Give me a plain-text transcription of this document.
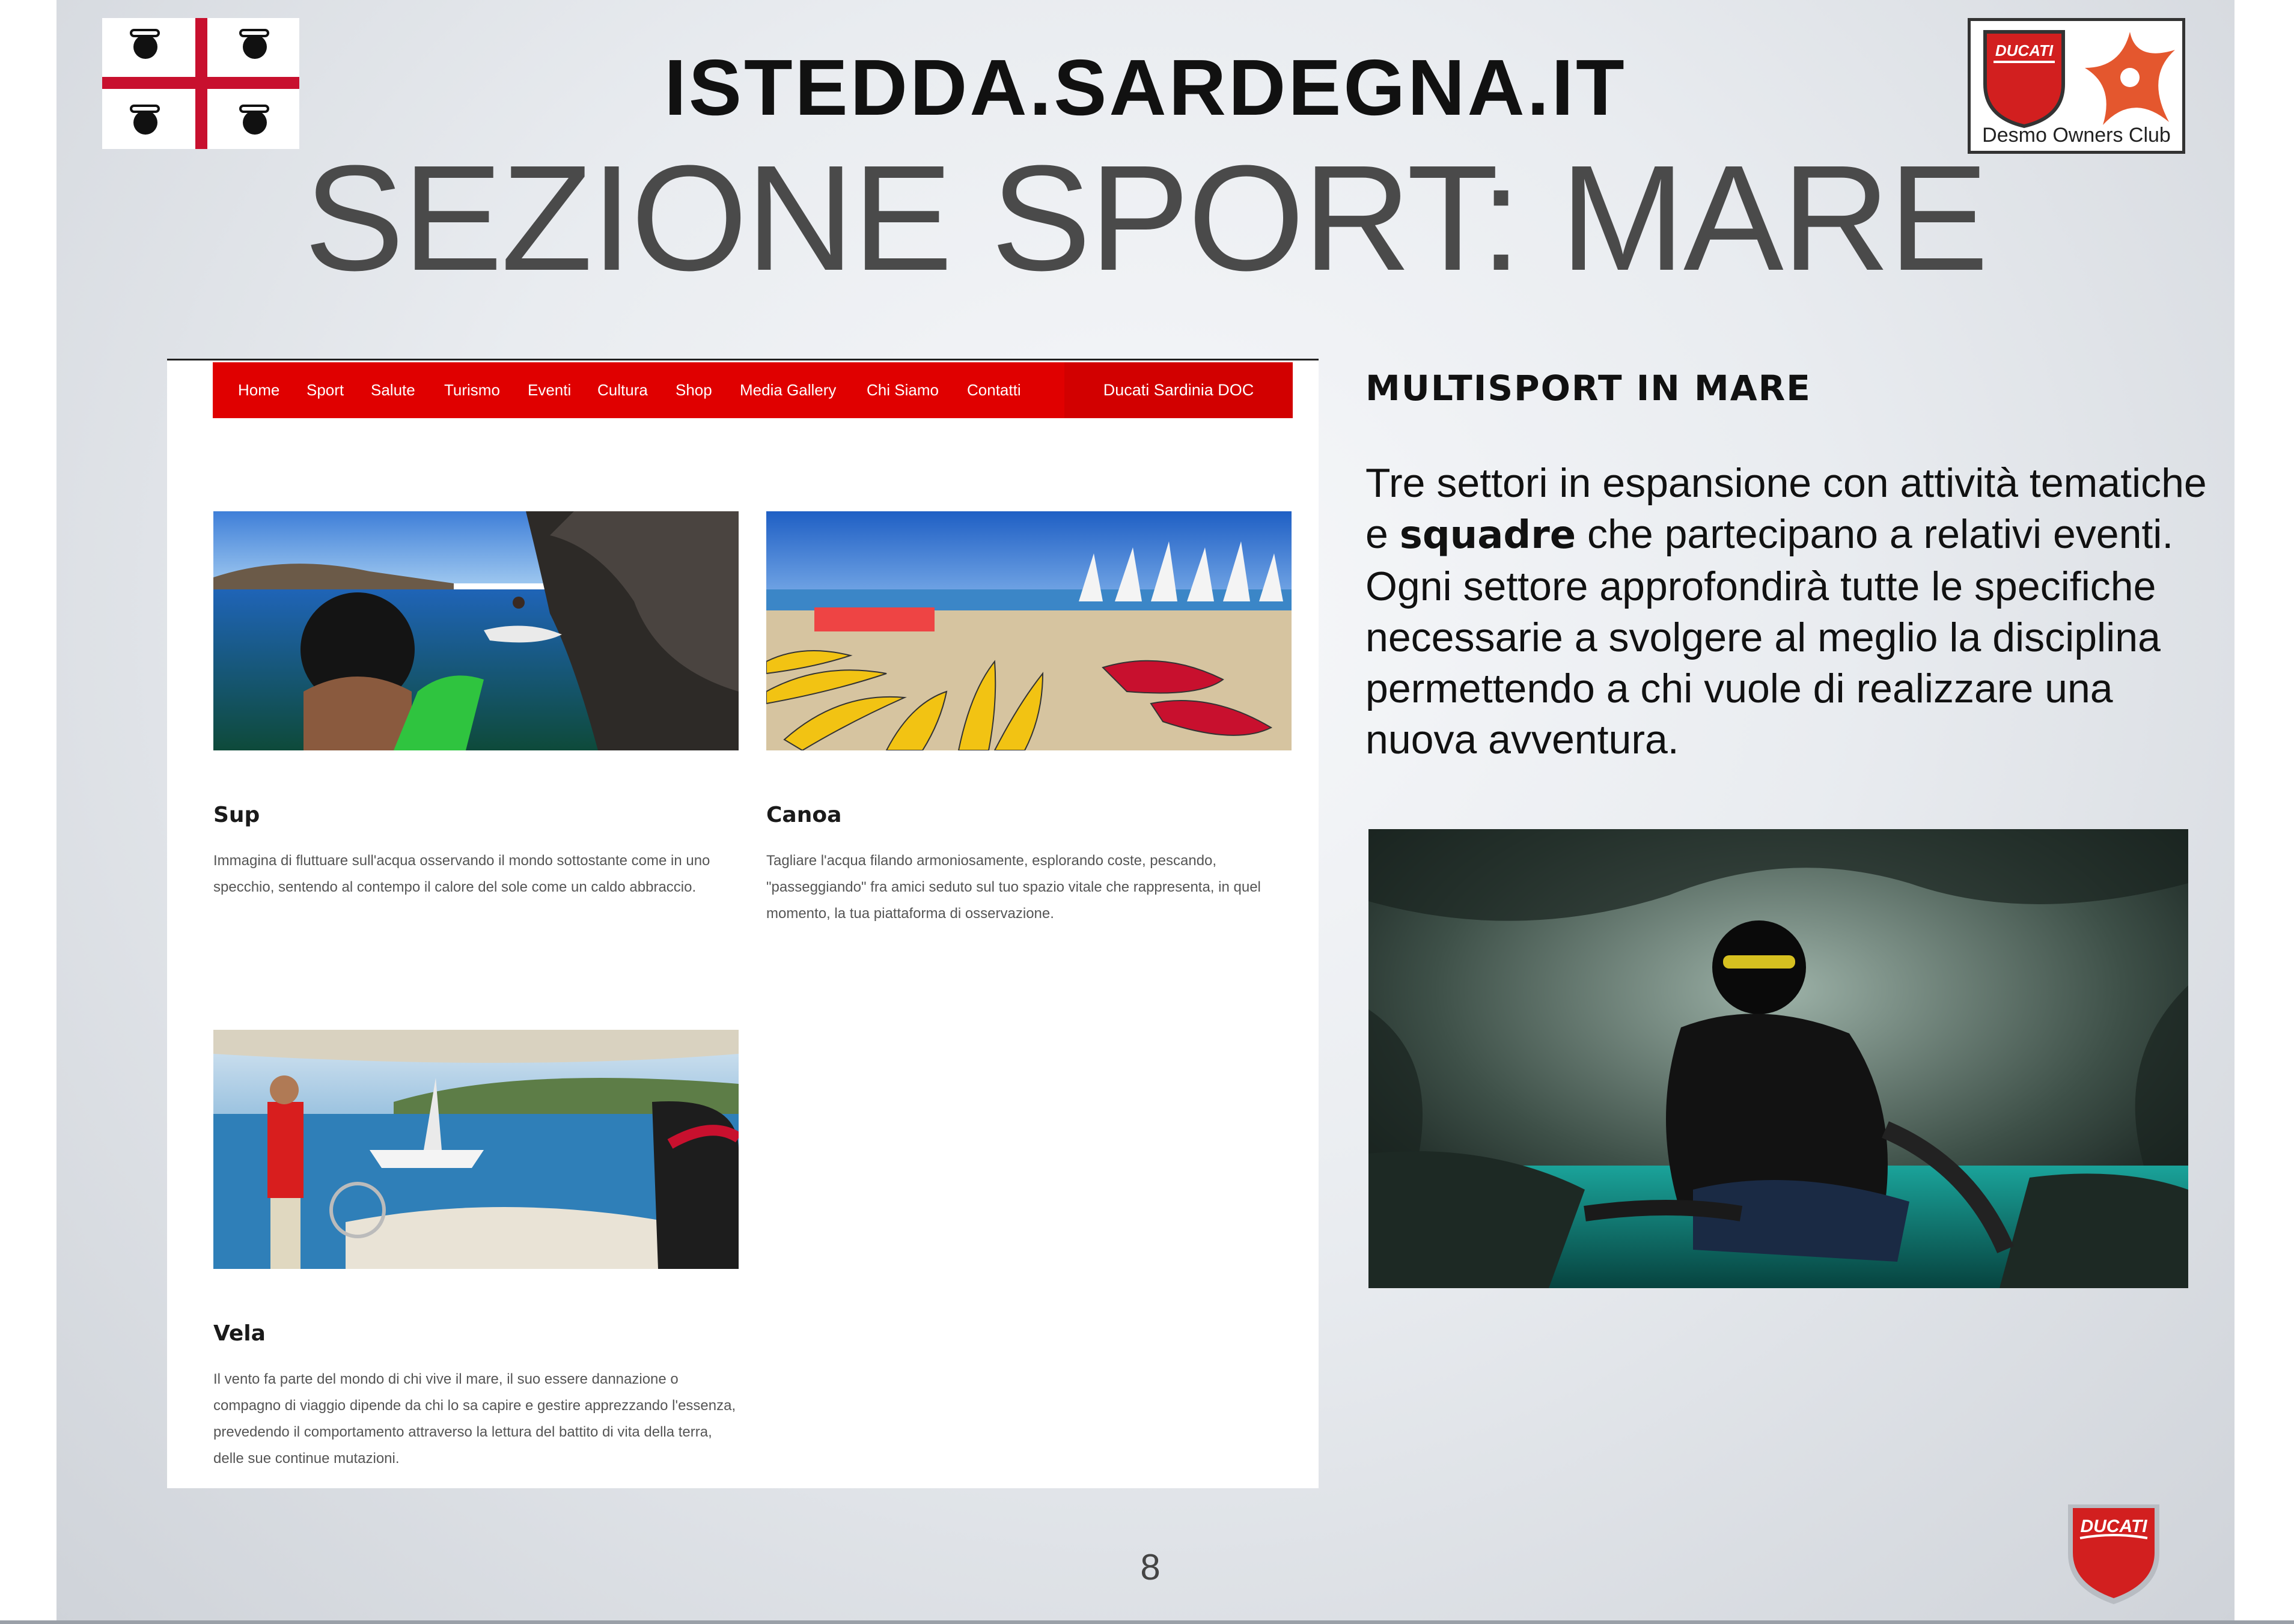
DUCATI
Desmo Owners Club
ISTEDDA.SARDEGNA.IT
SEZIONE SPORT: MARE
Home Sport Salute Turismo Eventi Cultura Shop Media Gallery Chi Siamo Contatti	Ducati Sardinia DOC
Sup
Immagina di fluttuare sull'acqua osservando il mondo sottostante come in uno specchio, sentendo al contempo il calore del sole come un caldo abbraccio.
Canoa
Tagliare l'acqua filando armoniosamente, esplorando coste, pescando, "passeggiando" fra amici seduto sul tuo spazio vitale che rappresenta, in quel momento, la tua piattaforma di osservazione.
Vela
Il vento fa parte del mondo di chi vive il mare, il suo essere dannazione o compagno di viaggio dipende da chi lo sa capire e gestire apprezzando l'essenza, prevedendo il comportamento attraverso la lettura del battito di vita della terra, delle sue continue mutazioni.
MULTISPORT IN MARE
Tre settori in espansione con attività tematiche e squadre che partecipano a relativi eventi. Ogni settore approfondirà tutte le specifiche necessarie a svolgere al meglio la disciplina permettendo a chi vuole di realizzare una nuova avventura.
8
DUCATI
